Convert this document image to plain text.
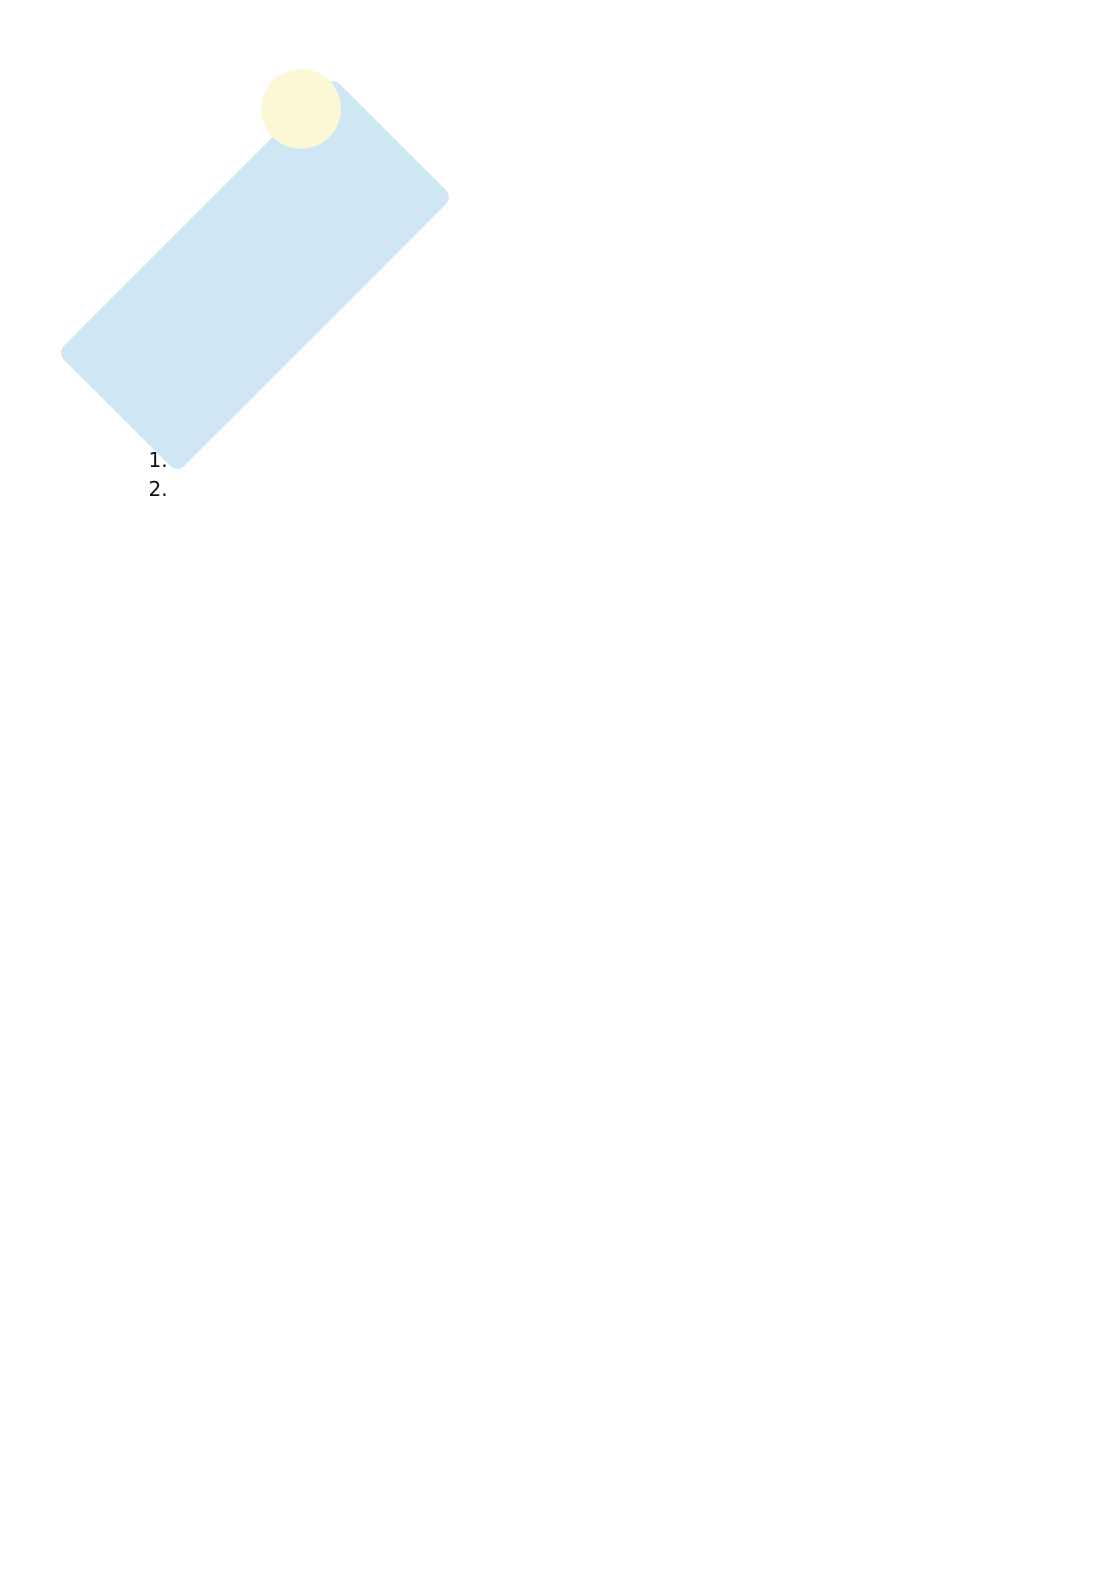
1.
2.
